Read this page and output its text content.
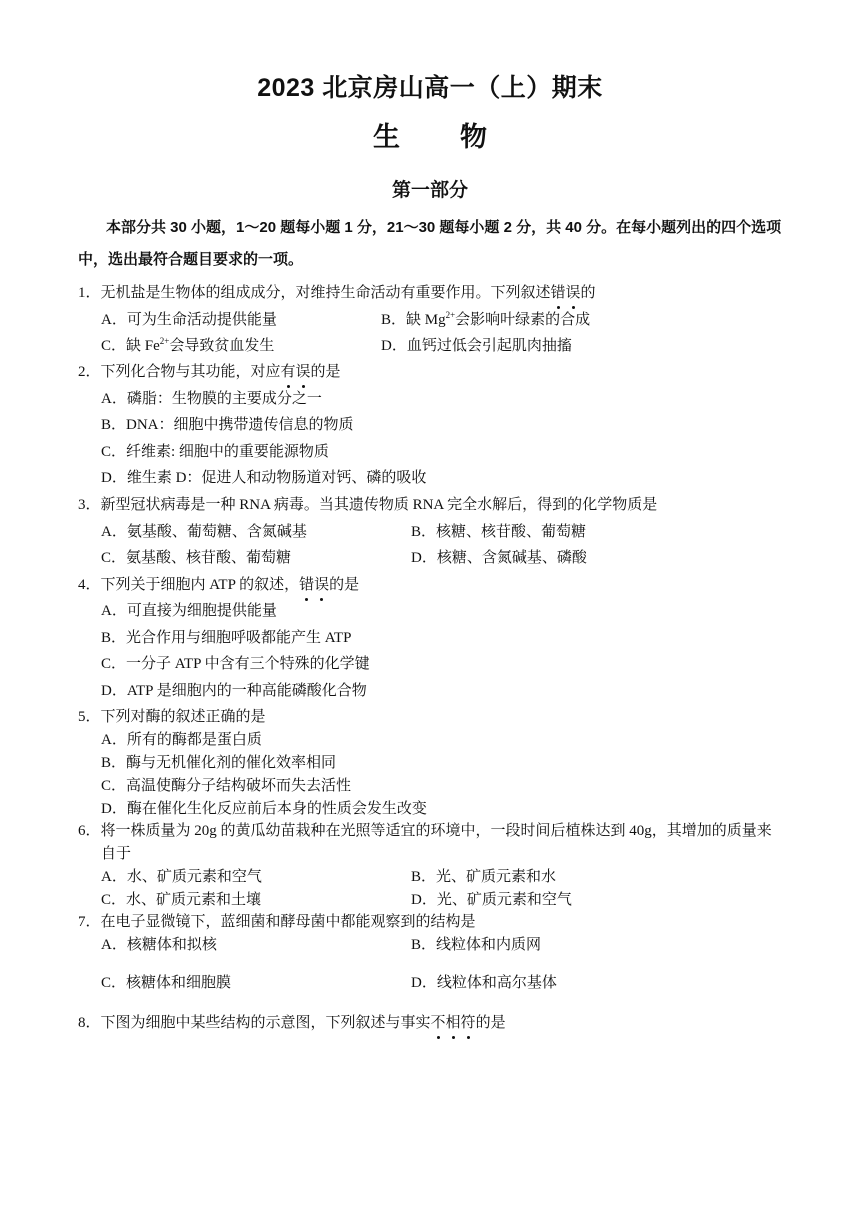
2023 北京房山高一（上）期末
生 物
第一部分
本部分共 30 小题，1～20 题每小题 1 分，21～30 题每小题 2 分，共 40 分。在每小题列出的四个选项中，选出最符合题目要求的一项。
1．无机盐是生物体的组成成分，对维持生命活动有重要作用。下列叙述错误的
A．可为生命活动提供能量	B．缺 $Mg^{2+}$会影响叶绿素的合成
C．缺 $Fe^{2+}$会导致贫血发生	D．血钙过低会引起肌肉抽搐
2．下列化合物与其功能，对应有误的是
A．磷脂：生物膜的主要成分之一
B．DNA：细胞中携带遗传信息的物质
C．纤维素: 细胞中的重要能源物质
D．维生素 D：促进人和动物肠道对钙、磷的吸收
3．新型冠状病毒是一种 RNA 病毒。当其遗传物质 RNA 完全水解后，得到的化学物质是
A．氨基酸、葡萄糖、含氮碱基	B．核糖、核苷酸、葡萄糖
C．氨基酸、核苷酸、葡萄糖	D．核糖、含氮碱基、磷酸
4．下列关于细胞内 ATP 的叙述，错误的是
A．可直接为细胞提供能量
B．光合作用与细胞呼吸都能产生 ATP
C．一分子 ATP 中含有三个特殊的化学键
D．ATP 是细胞内的一种高能磷酸化合物
5．下列对酶的叙述正确的是
A．所有的酶都是蛋白质
B．酶与无机催化剂的催化效率相同
C．高温使酶分子结构破坏而失去活性
D．酶在催化生化反应前后本身的性质会发生改变
6．将一株质量为 20g 的黄瓜幼苗栽种在光照等适宜的环境中，一段时间后植株达到 40g，其增加的质量来
自于
A．水、矿质元素和空气	B．光、矿质元素和水
C．水、矿质元素和土壤	D．光、矿质元素和空气
7．在电子显微镜下，蓝细菌和酵母菌中都能观察到的结构是
A．核糖体和拟核	B．线粒体和内质网
C．核糖体和细胞膜	D．线粒体和高尔基体
8．下图为细胞中某些结构的示意图，下列叙述与事实不相符的是
